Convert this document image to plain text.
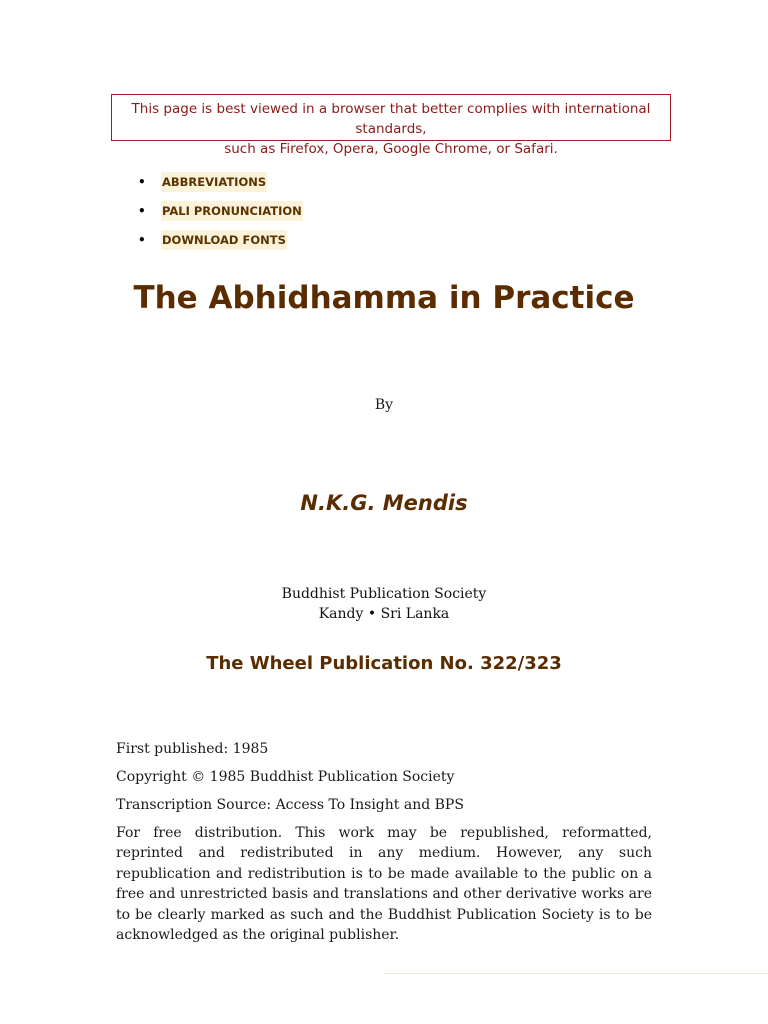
This page is best viewed in a browser that better complies with international standards,
such as Firefox, Opera, Google Chrome, or Safari.
• ABBREVIATIONS
• PALI PRONUNCIATION
• DOWNLOAD FONTS
The Abhidhamma in Practice
By
N.K.G. Mendis
Buddhist Publication Society
Kandy • Sri Lanka
The Wheel Publication No. 322/323

First published: 1985

Copyright © 1985 Buddhist Publication Society

Transcription Source: Access To Insight and BPS

For free distribution. This work may be republished, reformatted, reprinted and redistributed in any medium. However, any such republication and redistribution is to be made available to the public on a free and unrestricted basis and translations and other derivative works are to be clearly marked as such and the Buddhist Publication Society is to be acknowledged as the original publisher.
